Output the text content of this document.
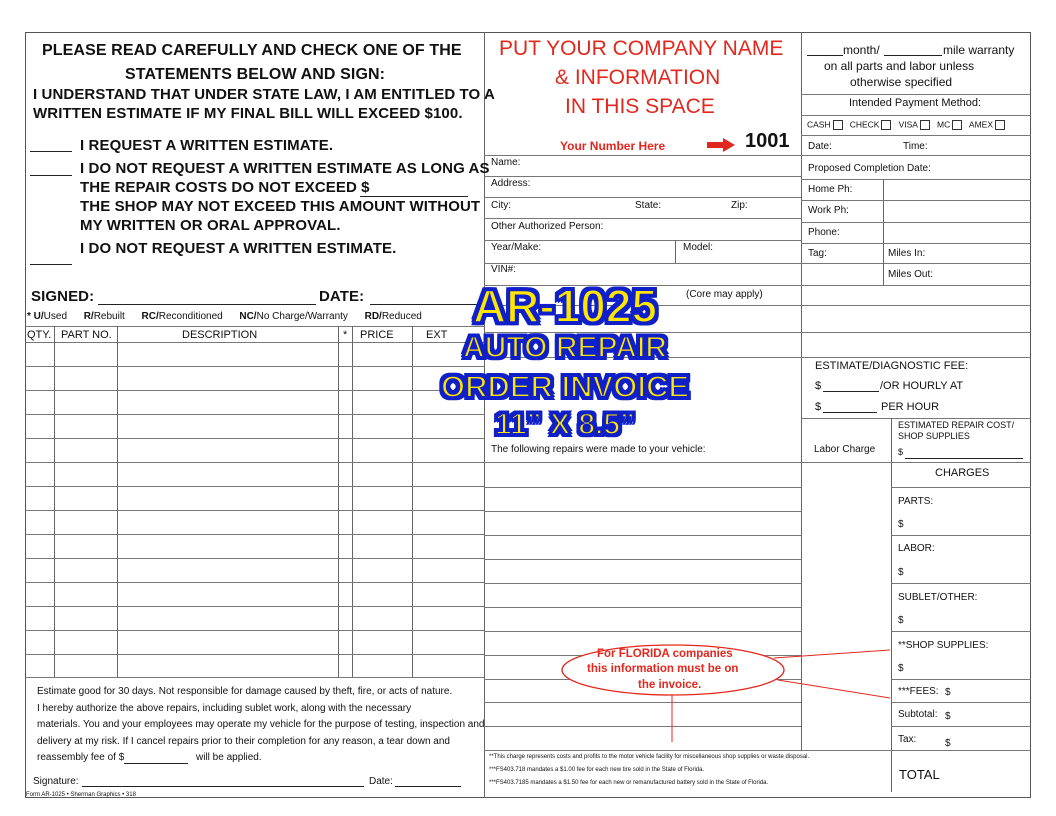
PLEASE READ CAREFULLY AND CHECK ONE OF THE
STATEMENTS BELOW AND SIGN:
I UNDERSTAND THAT UNDER STATE LAW, I AM ENTITLED TO A
WRITTEN ESTIMATE IF MY FINAL BILL WILL EXCEED $100.
I REQUEST A WRITTEN ESTIMATE.
I DO NOT REQUEST A WRITTEN ESTIMATE AS LONG AS
THE REPAIR COSTS DO NOT EXCEED $
THE SHOP MAY NOT EXCEED THIS AMOUNT WITHOUT
MY WRITTEN OR ORAL APPROVAL.
I DO NOT REQUEST A WRITTEN ESTIMATE.
SIGNED:	DATE:
* U/Used R/Rebuilt RC/Reconditioned NC/No Charge/Warranty RD/Reduced
QTY. PART NO.	DESCRIPTION	* PRICE	EXT
Estimate good for 30 days. Not responsible for damage caused by theft, fire, or acts of nature.
I hereby authorize the above repairs, including sublet work, along with the necessary
materials. You and your employees may operate my vehicle for the purpose of testing, inspection and
delivery at my risk. If I cancel repairs prior to their completion for any reason, a tear down and
reassembly fee of $	will be applied.
Signature:	Date:
Form AR-1025 • Sherman Graphics • 318
PUT YOUR COMPANY NAME
& INFORMATION
IN THIS SPACE
Your Number Here	1001
Name:
Address:
City:	State:	Zip:
Other Authorized Person:
Year/Make:	Model:
VIN#:
(Core may apply)
The following repairs were made to your vehicle:	Labor Charge
For FLORIDA companies
this information must be on
the invoice.
**This charge represents costs and profits to the motor vehicle facility for miscellaneous shop supplies or waste disposal.
***FS403.718 mandates a $1.00 fee for each new tire sold in the State of Florida.
***FS403.7185 mandates a $1.50 fee for each new or remanufactured battery sold in the State of Florida.
month/	mile warranty
on all parts and labor unless
otherwise specified
Intended Payment Method:
CASH CHECK VISA MC AMEX
Date:	Time:
Proposed Completion Date:
Home Ph:
Work Ph:
Phone:
Tag:	Miles In:
Miles Out:
ESTIMATE/DIAGNOSTIC FEE:
$	/OR HOURLY AT
$	PER HOUR
ESTIMATED REPAIR COST/
SHOP SUPPLIES
$
CHARGES
PARTS:
$
LABOR:
$
SUBLET/OTHER:
$
**SHOP SUPPLIES:
$
***FEES: $
Subtotal: $
Tax:	$
TOTAL
AR-1025
AUTO REPAIR
ORDER INVOICE
11” X 8.5”
